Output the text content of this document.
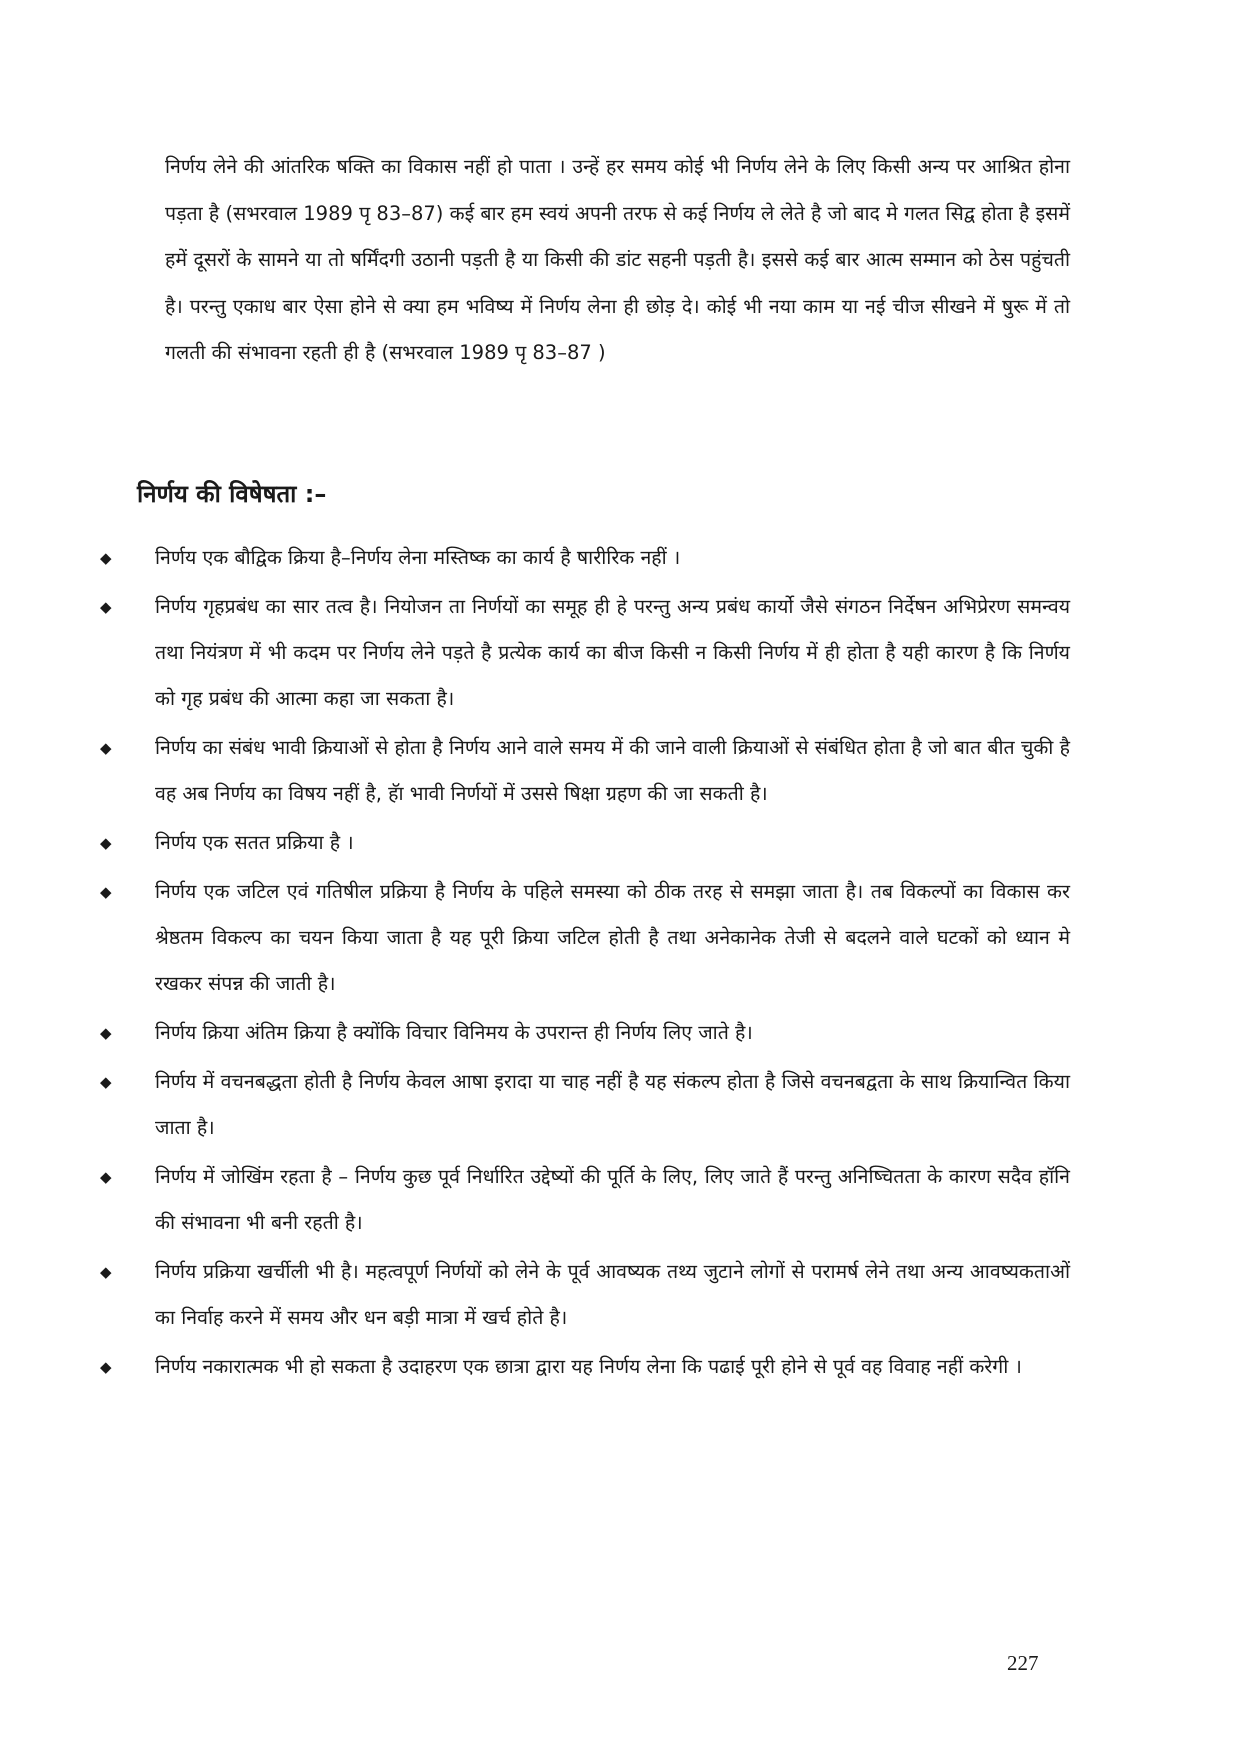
निर्णय लेने की आंतरिक षक्ति का विकास नहीं हो पाता । उन्हें हर समय कोई भी निर्णय लेने के लिए किसी अन्य पर आश्रित होना पड़ता है (सभरवाल 1989 पृ 83–87) कई बार हम स्वयं अपनी तरफ से कई निर्णय ले लेते है जो बाद मे गलत सिद्व होता है इसमें हमें दूसरों के सामने या तो षर्मिंदगी उठानी पड़ती है या किसी की डांट सहनी पड़ती है। इससे कई बार आत्म सम्मान को ठेस पहुंचती है। परन्तु एकाध बार ऐसा होने से क्या हम भविष्य में निर्णय लेना ही छोड़ दे। कोई भी नया काम या नई चीज सीखने में षुरू में तो गलती की संभावना रहती ही है (सभरवाल 1989 पृ 83–87 )

निर्णय की विषेषता :–
◆ निर्णय एक बौद्विक क्रिया है–निर्णय लेना मस्तिष्क का कार्य है षारीरिक नहीं ।
◆ निर्णय गृहप्रबंध का सार तत्व है। नियोजन ता निर्णयों का समूह ही हे परन्तु अन्य प्रबंध कार्यो जैसे संगठन निर्देषन अभिप्रेरण समन्वय तथा नियंत्रण में भी कदम पर निर्णय लेने पड़ते है प्रत्येक कार्य का बीज किसी न किसी निर्णय में ही होता है यही कारण है कि निर्णय को गृह प्रबंध की आत्मा कहा जा सकता है।
◆ निर्णय का संबंध भावी क्रियाओं से होता है निर्णय आने वाले समय में की जाने वाली क्रियाओं से संबंधित होता है जो बात बीत चुकी है वह अब निर्णय का विषय नहीं है, हॅा भावी निर्णयों में उससे षिक्षा ग्रहण की जा सकती है।
◆ निर्णय एक सतत प्रक्रिया है ।
◆ निर्णय एक जटिल एवं गतिषील प्रक्रिया है निर्णय के पहिले समस्या को ठीक तरह से समझा जाता है। तब विकल्पों का विकास कर श्रेष्ठतम विकल्प का चयन किया जाता है यह पूरी क्रिया जटिल होती है तथा अनेकानेक तेजी से बदलने वाले घटकों को ध्यान मे रखकर संपन्न की जाती है।
◆ निर्णय क्रिया अंतिम क्रिया है क्योंकि विचार विनिमय के उपरान्त ही निर्णय लिए जाते है।
◆ निर्णय में वचनबद्धता होती है निर्णय केवल आषा इरादा या चाह नहीं है यह संकल्प होता है जिसे वचनबद्वता के साथ क्रियान्वित किया जाता है।
◆ निर्णय में जोखिंम रहता है – निर्णय कुछ पूर्व निर्धारित उद्देष्यों की पूर्ति के लिए, लिए जाते हैं परन्तु अनिष्चितता के कारण सदैव हॉनि की संभावना भी बनी रहती है।
◆ निर्णय प्रक्रिया खर्चीली भी है। महत्वपूर्ण निर्णयों को लेने के पूर्व आवष्यक तथ्य जुटाने लोगों से परामर्ष लेने तथा अन्य आवष्यकताओं का निर्वाह करने में समय और धन बड़ी मात्रा में खर्च होते है।
◆ निर्णय नकारात्मक भी हो सकता है उदाहरण एक छात्रा द्वारा यह निर्णय लेना कि पढाई पूरी होने से पूर्व वह विवाह नहीं करेगी ।

227
